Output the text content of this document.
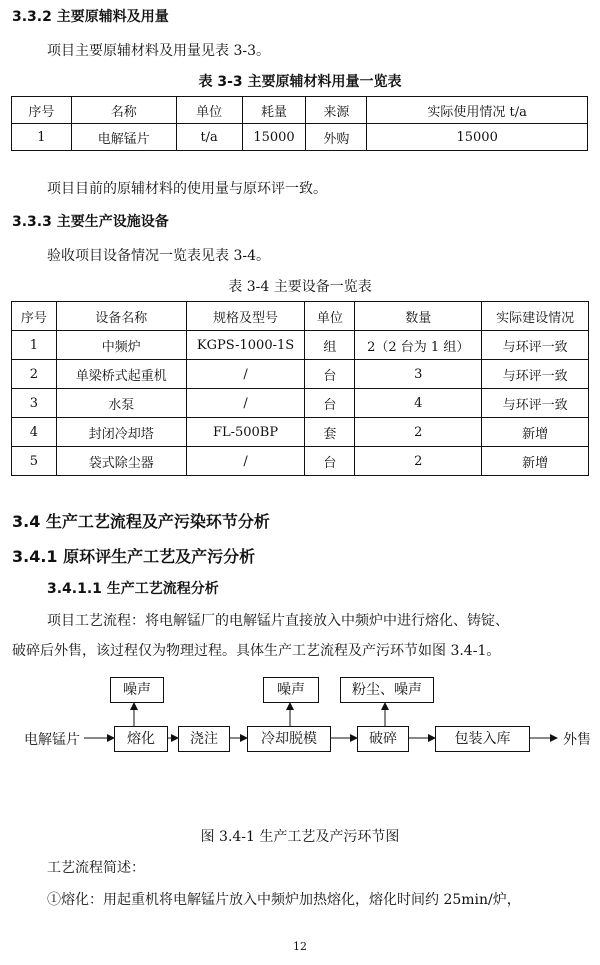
3.3.2 主要原辅料及用量
项目主要原辅材料及用量见表 3-3。
表 3-3 主要原辅材料用量一览表
序号	名称	单位	耗量	来源	实际使用情况 t/a
1	电解锰片	t/a	15000	外购	15000
项目目前的原辅材料的使用量与原环评一致。
3.3.3 主要生产设施设备
验收项目设备情况一览表见表 3-4。
表 3-4 主要设备一览表
序号	设备名称	规格及型号	单位	数量	实际建设情况
1	中频炉	KGPS-1000-1S	组	2（2 台为 1 组）	与环评一致
2	单梁桥式起重机	/	台	3	与环评一致
3	水泵	/	台	4	与环评一致
4	封闭冷却塔	FL-500BP	套	2	新增
5	袋式除尘器	/	台	2	新增
3.4 生产工艺流程及产污染环节分析
3.4.1 原环评生产工艺及产污分析
3.4.1.1 生产工艺流程分析
项目工艺流程：将电解锰厂的电解锰片直接放入中频炉中进行熔化、铸锭、
破碎后外售，该过程仅为物理过程。具体生产工艺流程及产污环节如图 3.4-1。
电解锰片	外售
熔化	浇注	冷却脱模	破碎	包装入库
噪声	噪声	粉尘、噪声
图 3.4-1 生产工艺及产污环节图
工艺流程简述：
①熔化：用起重机将电解锰片放入中频炉加热熔化，熔化时间约 25min/炉，
12
